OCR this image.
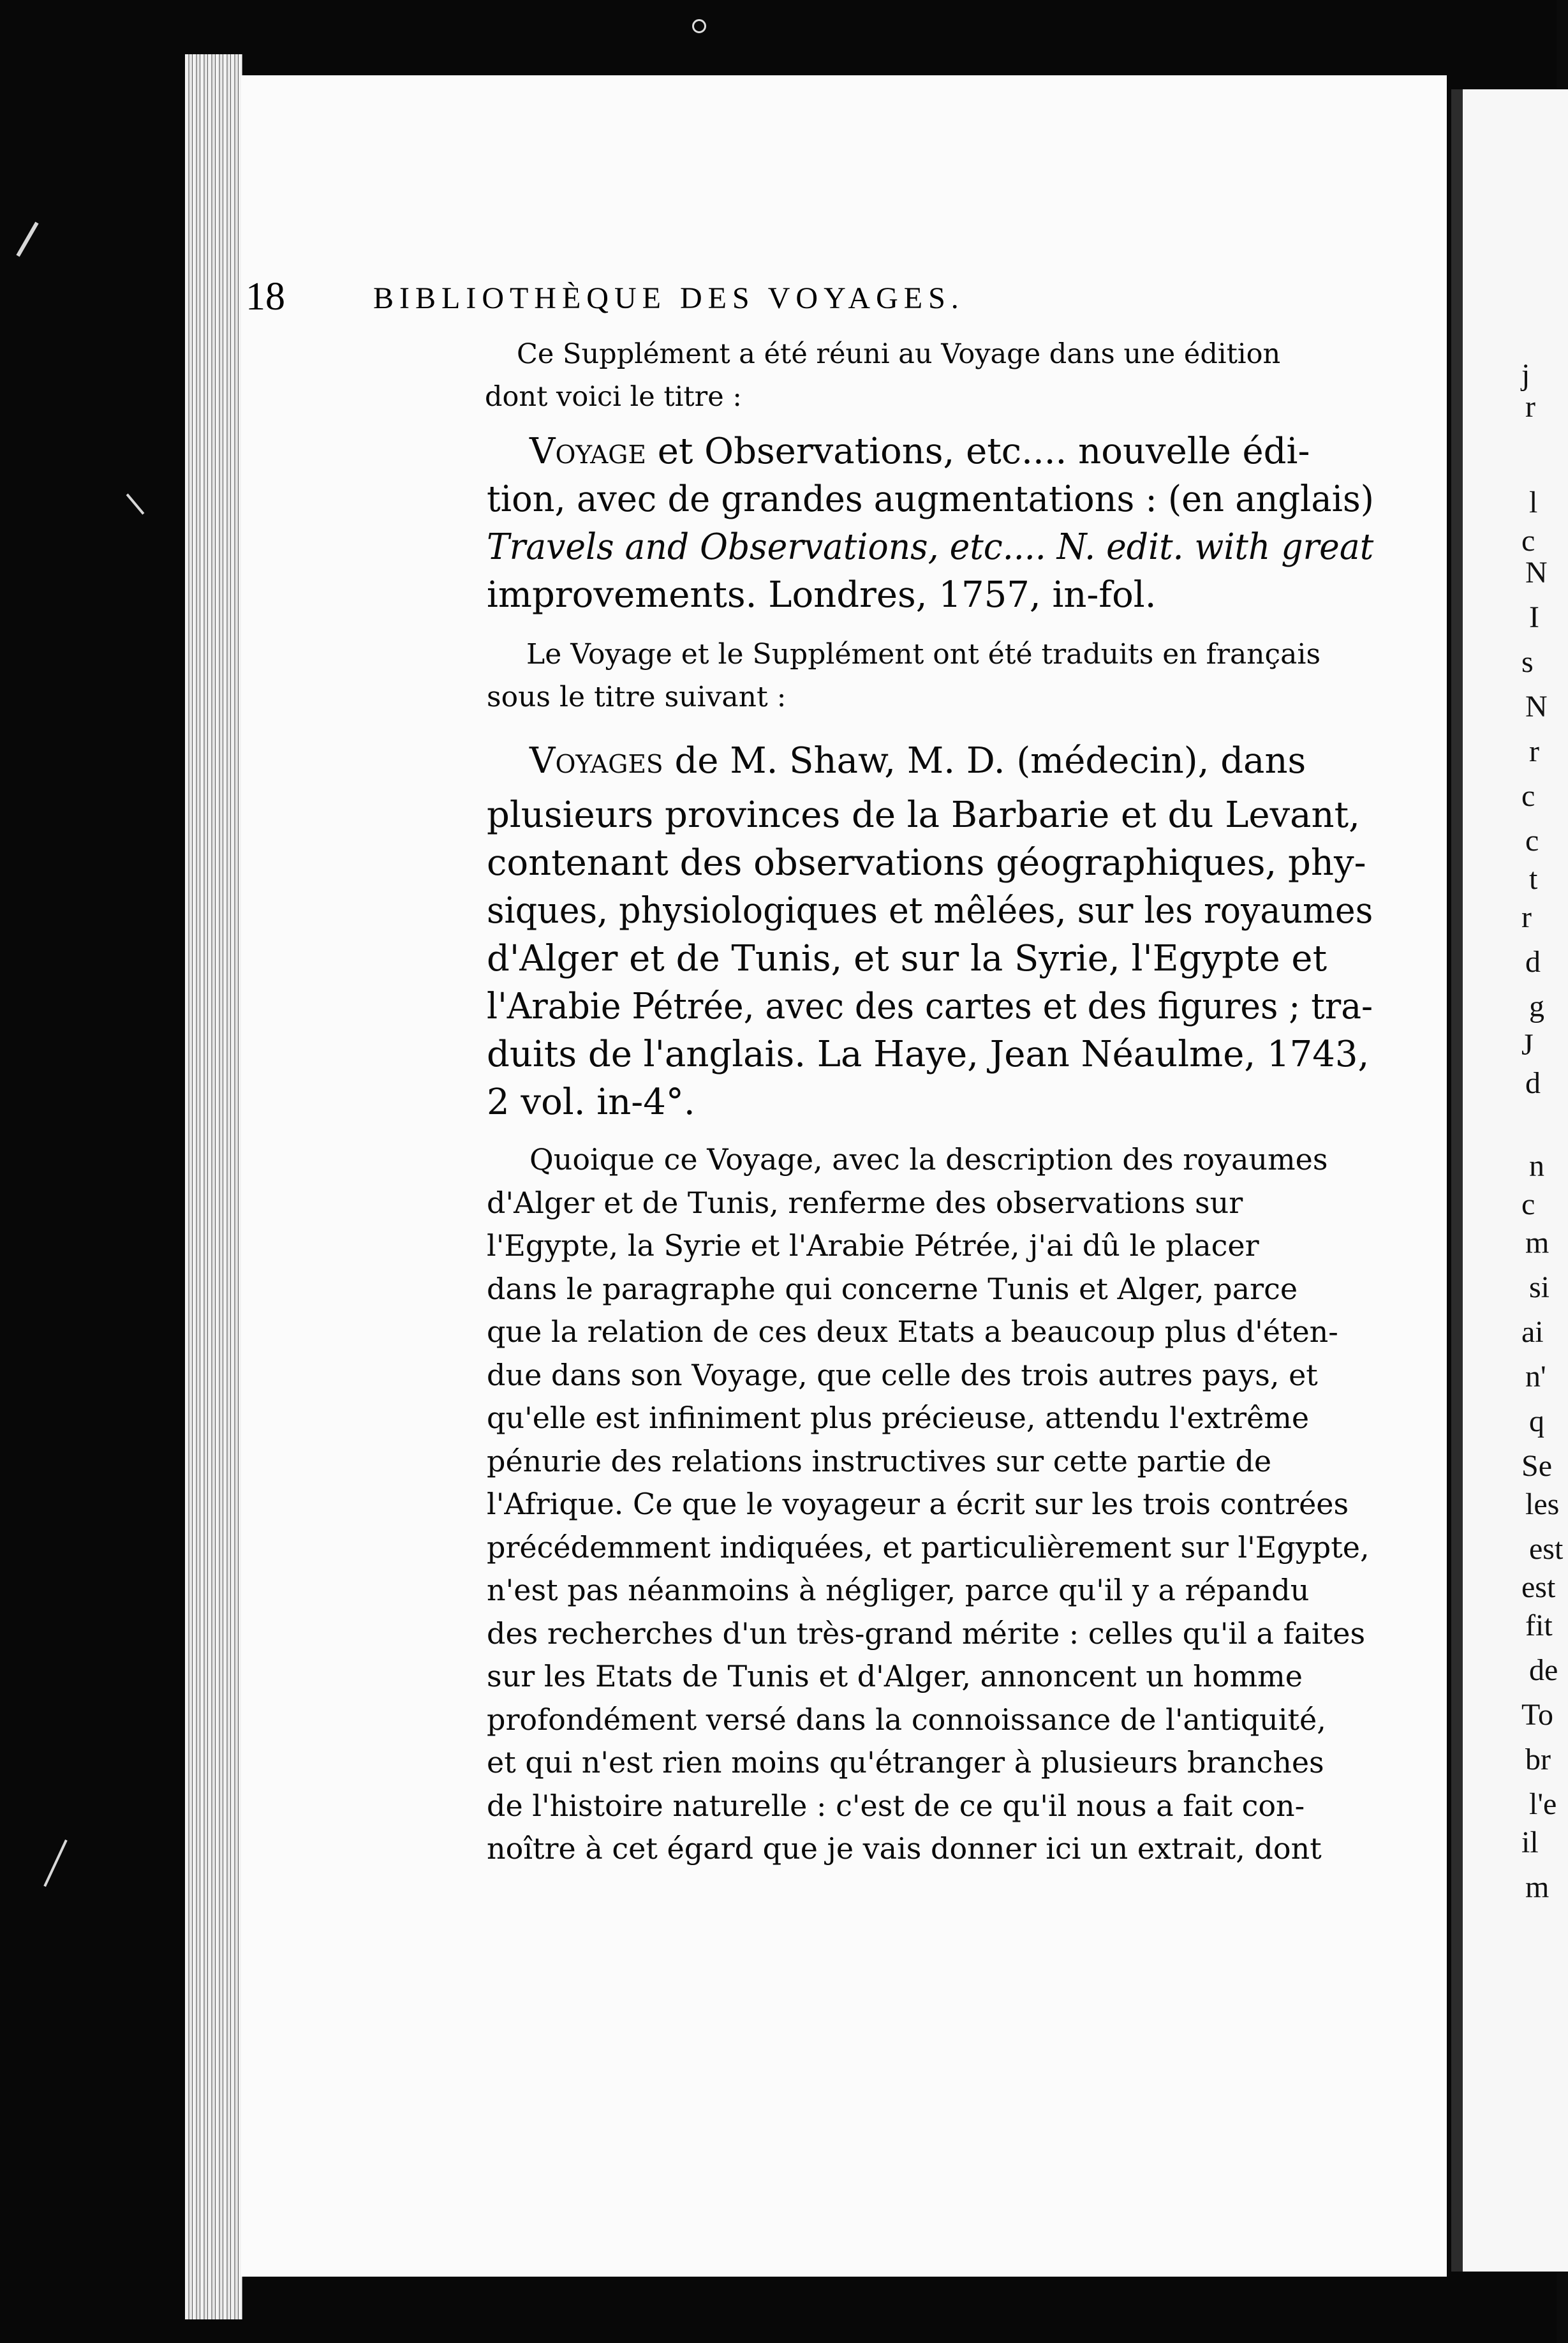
18	BIBLIOTHÈQUE DES VOYAGES.
Ce Supplément a été réuni au Voyage dans une édition
dont voici le titre :
Voyage et Observations, etc.... nouvelle édi-
tion, avec de grandes augmentations : (en anglais)
Travels and Observations, etc.... N. edit. with great
improvements. Londres, 1757, in-fol.
Le Voyage et le Supplément ont été traduits en français
sous le titre suivant :
Voyages de M. Shaw, M. D. (médecin), dans
plusieurs provinces de la Barbarie et du Levant,
contenant des observations géographiques, phy-
siques, physiologiques et mêlées, sur les royaumes
d'Alger et de Tunis, et sur la Syrie, l'Egypte et
l'Arabie Pétrée, avec des cartes et des figures ; tra-
duits de l'anglais. La Haye, Jean Néaulme, 1743,
2 vol. in-4°.
Quoique ce Voyage, avec la description des royaumes
d'Alger et de Tunis, renferme des observations sur
l'Egypte, la Syrie et l'Arabie Pétrée, j'ai dû le placer
dans le paragraphe qui concerne Tunis et Alger, parce
que la relation de ces deux Etats a beaucoup plus d'éten-
due dans son Voyage, que celle des trois autres pays, et
qu'elle est infiniment plus précieuse, attendu l'extrême
pénurie des relations instructives sur cette partie de
l'Afrique. Ce que le voyageur a écrit sur les trois contrées
précédemment indiquées, et particulièrement sur l'Egypte,
n'est pas néanmoins à négliger, parce qu'il y a répandu
des recherches d'un très-grand mérite : celles qu'il a faites
sur les Etats de Tunis et d'Alger, annoncent un homme
profondément versé dans la connoissance de l'antiquité,
et qui n'est rien moins qu'étranger à plusieurs branches
de l'histoire naturelle : c'est de ce qu'il nous a fait con-
noître à cet égard que je vais donner ici un extrait, dont
j
r
l
c
N
I
s
N
r
c
c
t
r
d
g
J
d
n
c
m
si
ai
n'
q
Se
les
est
est
fit
de
To
br
l'e
il
m
